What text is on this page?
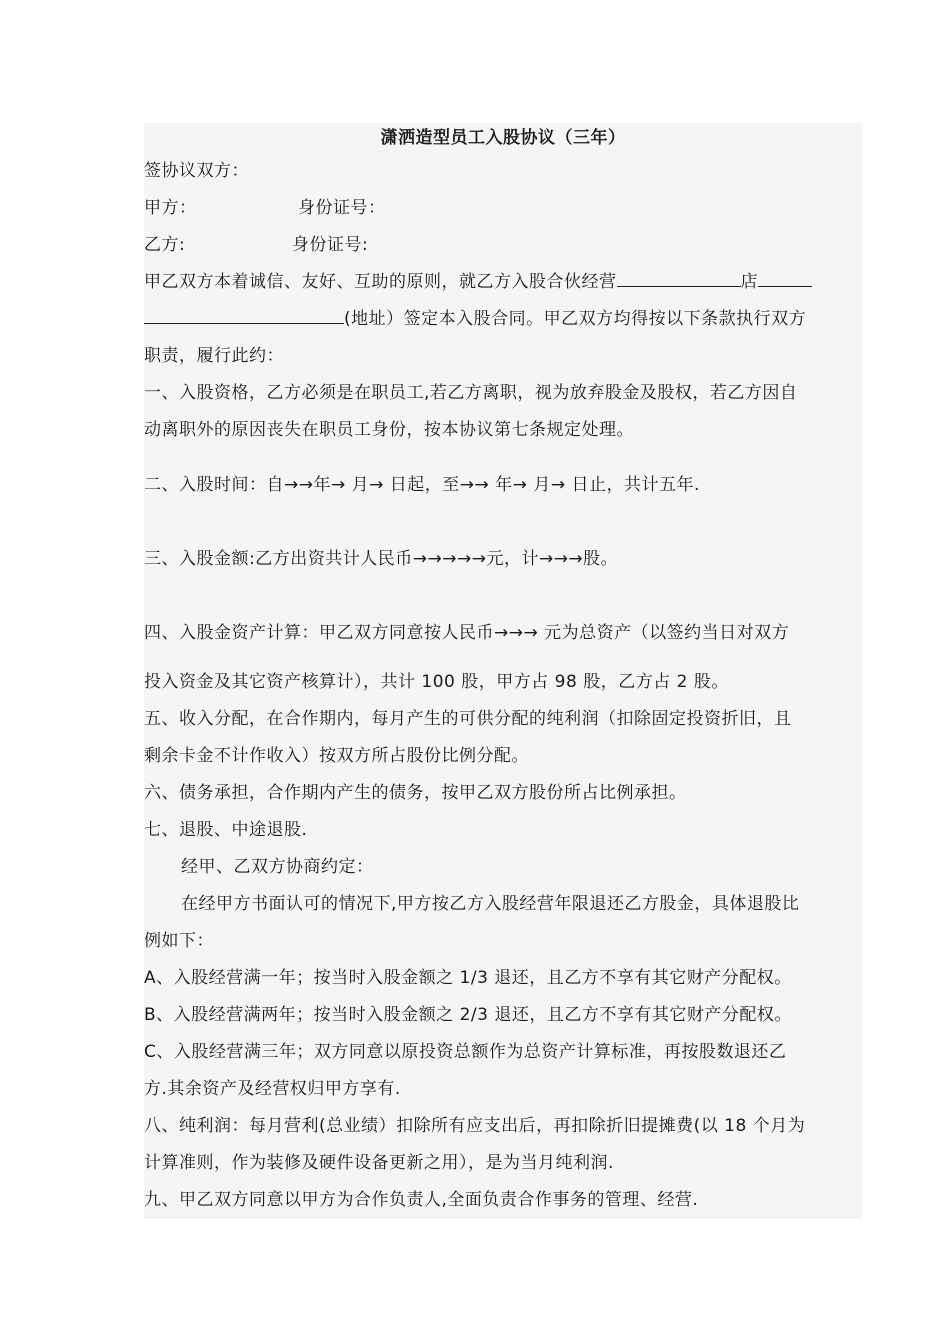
潇洒造型员工入股协议（三年）
签协议双方：
甲方：	身份证号：
乙方:	身份证号:
甲乙双方本着诚信、友好、互助的原则，就乙方入股合伙经营	店
(地址）签定本入股合同。甲乙双方均得按以下条款执行双方
职责，履行此约：
一、入股资格，乙方必须是在职员工,若乙方离职，视为放弃股金及股权，若乙方因自
动离职外的原因丧失在职员工身份，按本协议第七条规定处理。
二、入股时间：自→→年→ 月→ 日起，至→→ 年→ 月→ 日止，共计五年.
三、入股金额:乙方出资共计人民币→→→→→元，计→→→股。
四、入股金资产计算：甲乙双方同意按人民币→→→ 元为总资产（以签约当日对双方
投入资金及其它资产核算计），共计 100 股，甲方占 98 股，乙方占 2 股。
五、收入分配，在合作期内，每月产生的可供分配的纯利润（扣除固定投资折旧，且
剩余卡金不计作收入）按双方所占股份比例分配。
六、债务承担，合作期内产生的债务，按甲乙双方股份所占比例承担。
七、退股、中途退股.
经甲、乙双方协商约定：
在经甲方书面认可的情况下,甲方按乙方入股经营年限退还乙方股金，具体退股比
例如下：
A、入股经营满一年；按当时入股金额之 1/3 退还，且乙方不享有其它财产分配权。
B、入股经营满两年；按当时入股金额之 2/3 退还，且乙方不享有其它财产分配权。
C、入股经营满三年；双方同意以原投资总额作为总资产计算标准，再按股数退还乙
方.其余资产及经营权归甲方享有.
八、纯利润：每月营利(总业绩）扣除所有应支出后，再扣除折旧提摊费(以 18 个月为
计算准则，作为装修及硬件设备更新之用），是为当月纯利润.
九、甲乙双方同意以甲方为合作负责人,全面负责合作事务的管理、经营.
